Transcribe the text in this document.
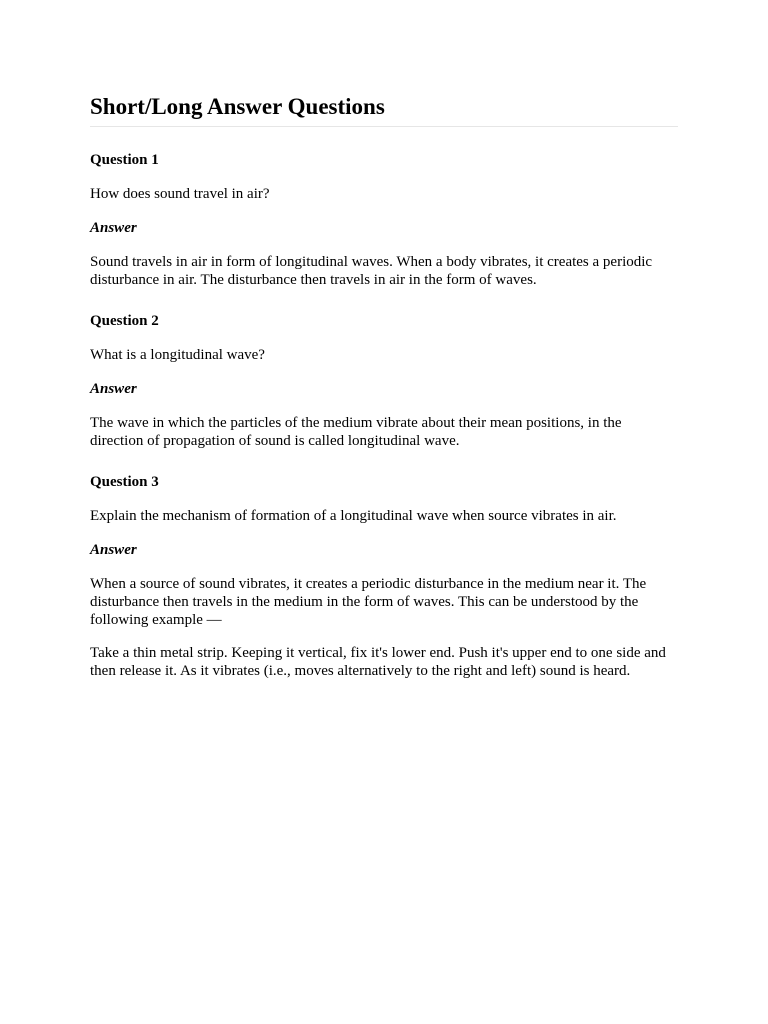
Short/Long Answer Questions

Question 1

How does sound travel in air?

Answer

Sound travels in air in form of longitudinal waves. When a body vibrates, it creates a periodic disturbance in air. The disturbance then travels in air in the form of waves.

Question 2

What is a longitudinal wave?

Answer

The wave in which the particles of the medium vibrate about their mean positions, in the direction of propagation of sound is called longitudinal wave.

Question 3

Explain the mechanism of formation of a longitudinal wave when source vibrates in air.

Answer

When a source of sound vibrates, it creates a periodic disturbance in the medium near it. The disturbance then travels in the medium in the form of waves. This can be understood by the following example —

Take a thin metal strip. Keeping it vertical, fix it's lower end. Push it's upper end to one side and then release it. As it vibrates (i.e., moves alternatively to the right and left) sound is heard.
